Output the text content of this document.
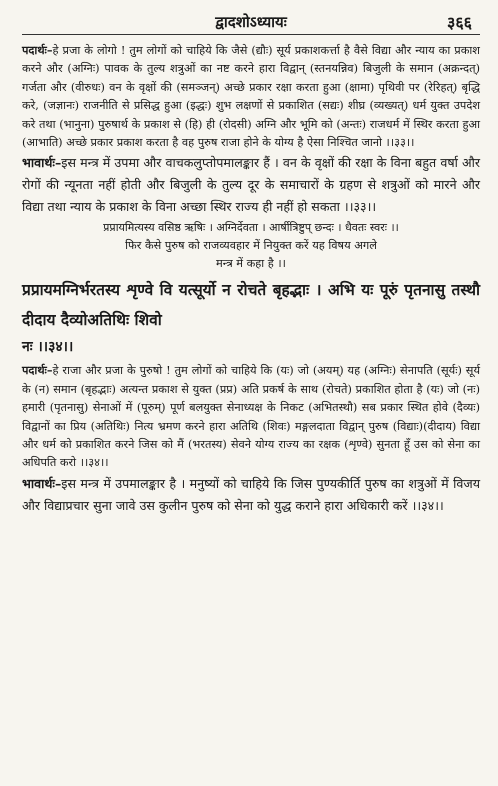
द्वादशोऽध्यायः	३६६

पदार्थः–हे प्रजा के लोगो ! तुम लोगों को चाहिये कि जैसे (द्यौः) सूर्य प्रकाशकर्त्ता है वैसे विद्या और न्याय का प्रकाश करने और (अग्निः) पावक के तुल्य शत्रुओं का नष्ट करने हारा विद्वान् (स्तनयन्निव) बिजुली के समान (अक्रन्दत्) गर्जता और (वीरुधः) वन के वृक्षों की (समञ्जन्) अच्छे प्रकार रक्षा करता हुआ (क्षामा) पृथिवी पर (रेरिहत्) बृद्धि करे, (जज्ञानः) राजनीति से प्रसिद्ध हुआ (इद्धः) शुभ लक्षणों से प्रकाशित (सद्यः) शीघ्र (व्यख्यत्) धर्म युक्त उपदेश करे तथा (भानुना) पुरुषार्थ के प्रकाश से (हि) ही (रोदसी) अग्नि और भूमि को (अन्तः) राजधर्म में स्थिर करता हुआ (आभाति) अच्छे प्रकार प्रकाश करता है वह पुरुष राजा होने के योग्य है ऐसा निश्चित जानो ।।३३।।

भावार्थः–इस मन्त्र में उपमा और वाचकलुप्तोपमालङ्कार हैं । वन के वृक्षों की रक्षा के विना बहुत वर्षा और रोगों की न्यूनता नहीं होती और बिजुली के तुल्य दूर के समाचारों के ग्रहण से शत्रुओं को मारने और विद्या तथा न्याय के प्रकाश के विना अच्छा स्थिर राज्य ही नहीं हो सकता ।।३३।।

प्रप्रायमित्यस्य वसिष्ठ ऋषिः । अग्निर्देवता । आर्षीत्रिष्टुप् छन्दः । धैवतः स्वरः ।।

फिर कैसे पुरुष को राजव्यवहार में नियुक्त करें यह विषय अगले

मन्त्र में कहा है ।।

प्रप्रायमग्निर्भरतस्य शृण्वे वि यत्सूर्यो न रोचते बृहद्भाः । अभि यः पूरुं पृतनासु तस्थौ दीदाय दैव्योअतिथिः शिवो

नः ।।३४।।

पदार्थः–हे राजा और प्रजा के पुरुषो ! तुम लोगों को चाहिये कि (यः) जो (अयम्) यह (अग्निः) सेनापति (सूर्यः) सूर्य के (न) समान (बृहद्भाः) अत्यन्त प्रकाश से युक्त (प्रप्र) अति प्रकर्ष के साथ (रोचते) प्रकाशित होता है (यः) जो (नः) हमारी (पृतनासु) सेनाओं में (पूरुम्) पूर्ण बलयुक्त सेनाध्यक्ष के निकट (अभितस्थौ) सब प्रकार स्थित होवे (दैव्यः) विद्वानों का प्रिय (अतिथिः) नित्य भ्रमण करने हारा अतिथि (शिवः) मङ्गलदाता विद्वान् पुरुष (विद्याः)(दीदाय) विद्या और धर्म को प्रकाशित करने जिस को मैं (भरतस्य) सेवने योग्य राज्य का रक्षक (शृण्वे) सुनता हूँ उस को सेना का अधिपति करो ।।३४।।

भावार्थः–इस मन्त्र में उपमालङ्कार है । मनुष्यों को चाहिये कि जिस पुण्यकीर्ति पुरुष का शत्रुओं में विजय और विद्याप्रचार सुना जावे उस कुलीन पुरुष को सेना को युद्ध कराने हारा अधिकारी करें ।।३४।।
